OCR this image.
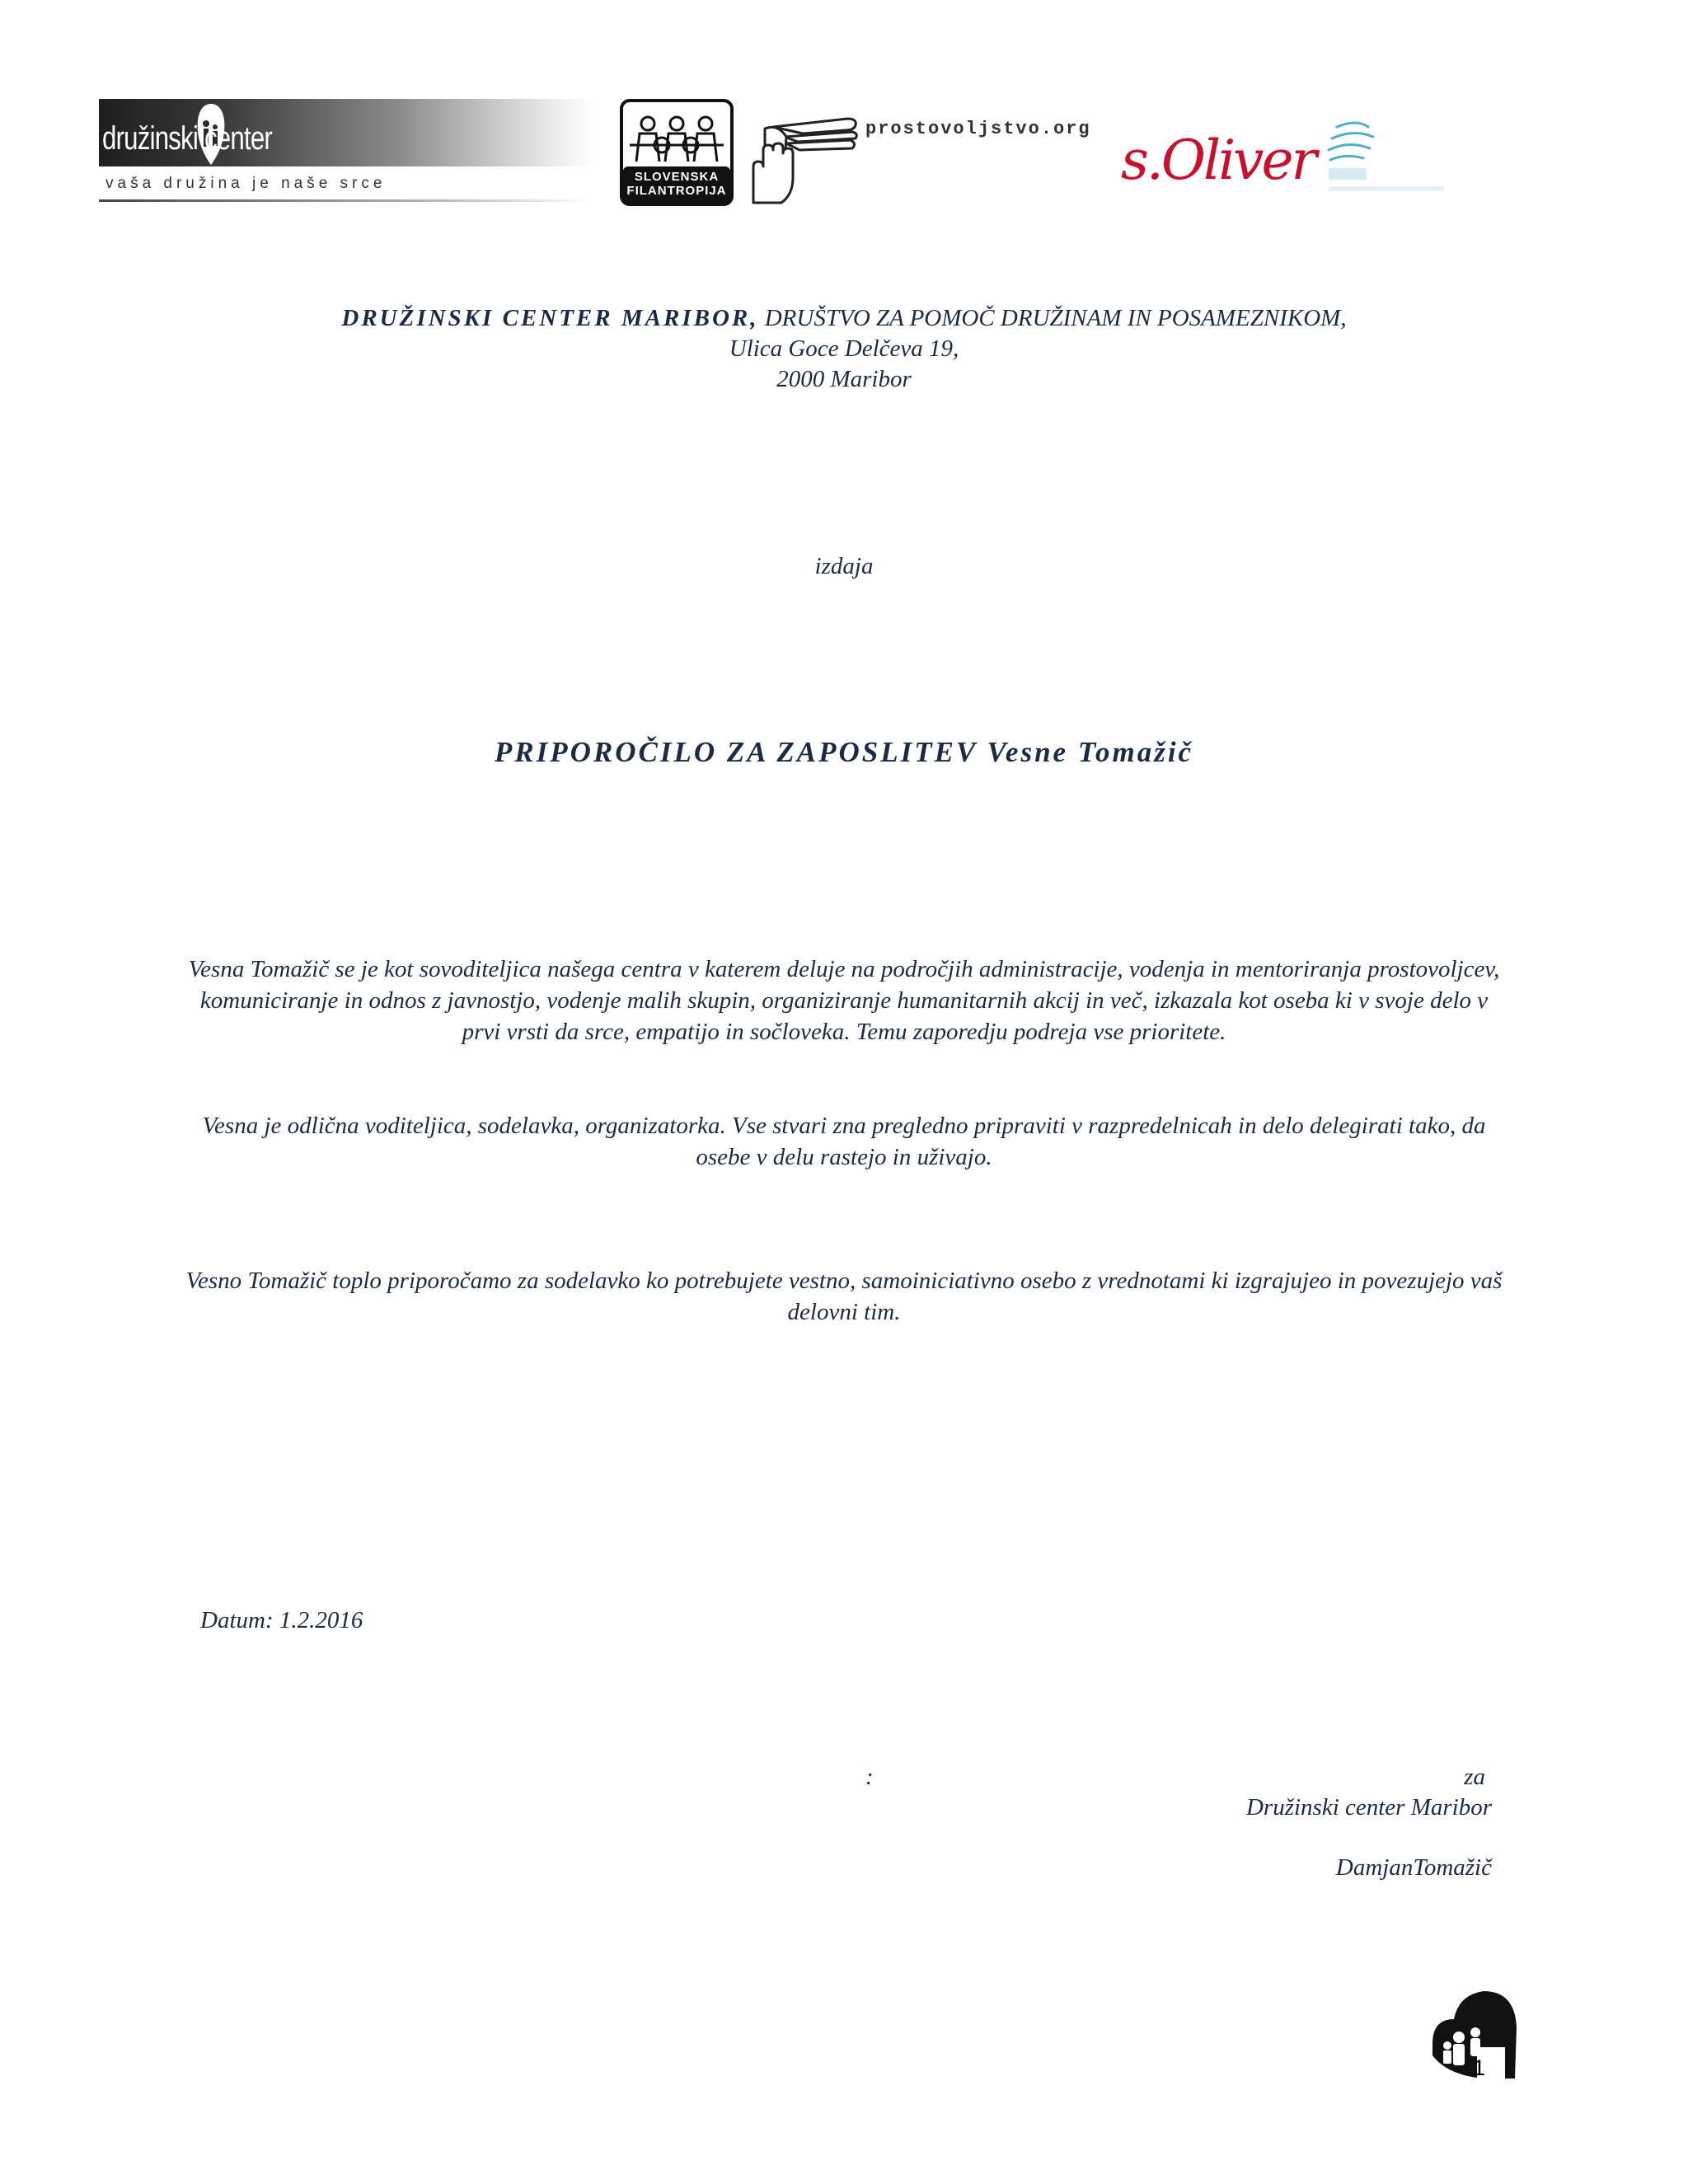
družinski center
vaša družina je naše srce	SLOVENSKA
FILANTROPIJA
prostovoljstvo.org s.Oliver
DRUŽINSKI CENTER MARIBOR, DRUŠTVO ZA POMOČ DRUŽINAM IN POSAMEZNIKOM,
Ulica Goce Delčeva 19,
2000 Maribor
izdaja
PRIPOROČILO ZA ZAPOSLITEV Vesne Tomažič
Vesna Tomažič se je kot sovoditeljica našega centra v katerem deluje na področjih administracije, vodenja in mentoriranja prostovoljcev, komuniciranje in odnos z javnostjo, vodenje malih skupin, organiziranje humanitarnih akcij in več, izkazala kot oseba ki v svoje delo v prvi vrsti da srce, empatijo in sočloveka. Temu zaporedju podreja vse prioritete.
Vesna je odlična voditeljica, sodelavka, organizatorka. Vse stvari zna pregledno pripraviti v razpredelnicah in delo delegirati tako, da osebe v delu rastejo in uživajo.
Vesno Tomažič toplo priporočamo za sodelavko ko potrebujete vestno, samoiniciativno osebo z vrednotami ki izgrajujeo in povezujejo vaš delovni tim.
Datum: 1.2.2016
:	za
Družinski center Maribor
DamjanTomažič
1
